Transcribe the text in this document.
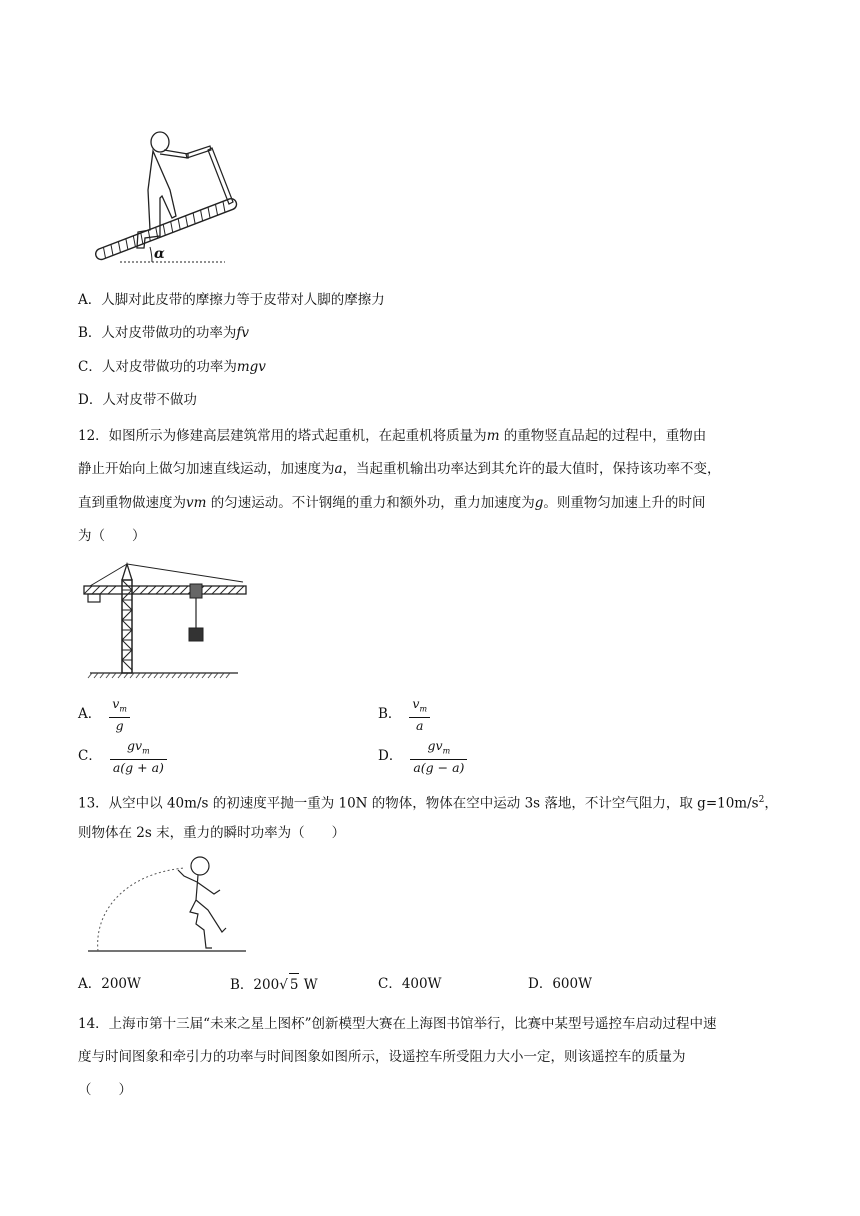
α
A．人脚对此皮带的摩擦力等于皮带对人脚的摩擦力
B．人对皮带做功的功率为fv
C．人对皮带做功的功率为mgv
D．人对皮带不做功
12．如图所示为修建高层建筑常用的塔式起重机，在起重机将质量为m 的重物竖直品起的过程中，重物由
静止开始向上做匀加速直线运动，加速度为a，当起重机输出功率达到其允许的最大值时，保持该功率不变，
直到重物做速度为vm 的匀速运动。不计钢绳的重力和额外功，重力加速度为g。则重物匀加速上升的时间
为（　　）
A． $\frac{v_m}{g}$	B． $\frac{v_m}{a}$
C． $\frac{gv_m}{a(g + a)}$	D． $\frac{gv_m}{a(g - a)}$
13．从空中以 40m/s 的初速度平抛一重为 10N 的物体，物体在空中运动 3s 落地，不计空气阻力，取 $g=10m/s^2$，
则物体在 2s 末，重力的瞬时功率为（　　）
A．200W	B．200√ 5 W	C．400W	D．600W
14．上海市第十三届“未来之星上图杯”创新模型大赛在上海图书馆举行，比赛中某型号遥控车启动过程中速
度与时间图象和牵引力的功率与时间图象如图所示，设遥控车所受阻力大小一定，则该遥控车的质量为
（　　）
